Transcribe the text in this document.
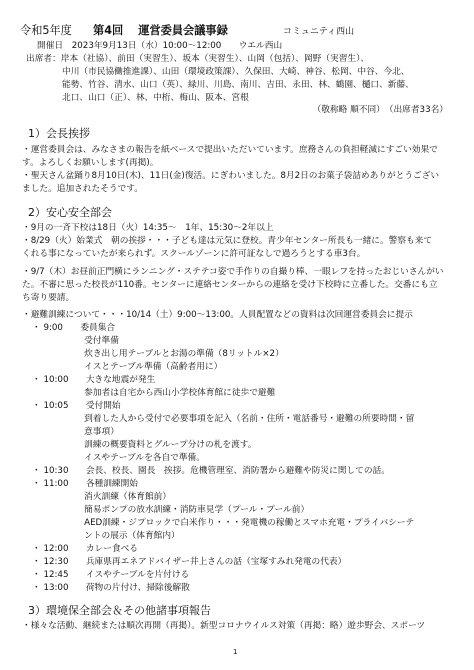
令和5年度 第4回 運営委員会議事録	コミュニティ西山
開催日　2023年9月13日（水）10:00～12:00　　ウエル西山
出席者：岸本（社協）、前田（実習生）、坂本（実習生）、山岡（包括）、岡野（実習生）、
中川（市民協働推進課）、山田（環境政策課）、久保田、大崎、神谷、松岡、中谷、今北、
能勢、竹谷、清水、山口（英）、緑川、川島、南川、吉田、永田、林、鶴園、樋口、新藤、
北口、山口（正）、林、中桁、梅山、阪本、宮根
（敬称略 順不同）　（出席者33名）
1）会長挨拶
・運営委員会は、みなさまの報告を紙ベースで提出いただいています。庶務さんの負担軽減にすごい効果で
す。よろしくお願いします(再掲)。
・聖天さん盆踊り8月10日(木)、11日(金)復活。にぎわいました。8月2日のお菓子袋詰めありがとうござい
ました。追加されたそうです。
2）安心安全部会
・9月の一斉下校は18日（火）14:35～　1年、15:30～2年以上
・8/29（火）始業式　朝の挨拶・・・子ども達は元気に登校。青少年センター所長も一緒に。警察も来て
くれる事になっていたが来られず。スクールゾーンに許可証なしで過ろうとする車3台。
・9/7（木）お昼前正門横にランニング・ステテコ姿で手作りの自撮り棒、一眼レフを持ったおじいさんがい
た。不審に思った校長が110番。センターに連絡センターからの連絡を受け下校時に立番した。交番にも立
ち寄り要請。
・避難訓練について・・・10/14（土）9:00～13:00。人員配置などの資料は次回運営委員会に提示
・ 9:00　　委員集合
　　　　　　受付準備
　　　　　　炊き出し用テーブルとお湯の準備（8リットル×2）
　　　　　　イスとテーブル準備（高齢者用に）
・ 10:00　　大きな地震が発生
　　　　　　参加者は自宅から西山小学校体育館に徒歩で避難
・ 10:05　　受付開始
　　　　　　到着した人から受付で必要事項を記入（名前・住所・電話番号・避難の所要時間・留
　　　　　　意事項）
　　　　　　訓練の概要資料とグループ分けの札を渡す。
　　　　　　イスやテーブルを各自で準備。
・ 10:30　　会長、校長、園長　挨拶。危機管理室、消防署から避難や防災に関しての話。
・ 11:00　　各種訓練開始
　　　　　　消火訓練（体育館前）
　　　　　　簡易ポンプの放水訓練・消防車見学（プール・プール前）
　　　　　　AED訓練・ジプロックで白米作り・・・発電機の稼働とスマホ充電・プライバシーテ
　　　　　　ントの展示（体育館内）
・ 12:00　　カレー食べる
・ 12:30　　兵庫県再エネアドバイザー井上さんの話（宝塚すみれ発電の代表）
・ 12:45　　イスやテーブルを片付ける
・ 13:00　　荷物の片付け、掃除後解散
3）環境保全部会＆その他諸事項報告
・様々な活動、継続または順次再開（再掲）。新型コロナウイルス対策（再掲：略）遊歩野会、スポーツ
1
